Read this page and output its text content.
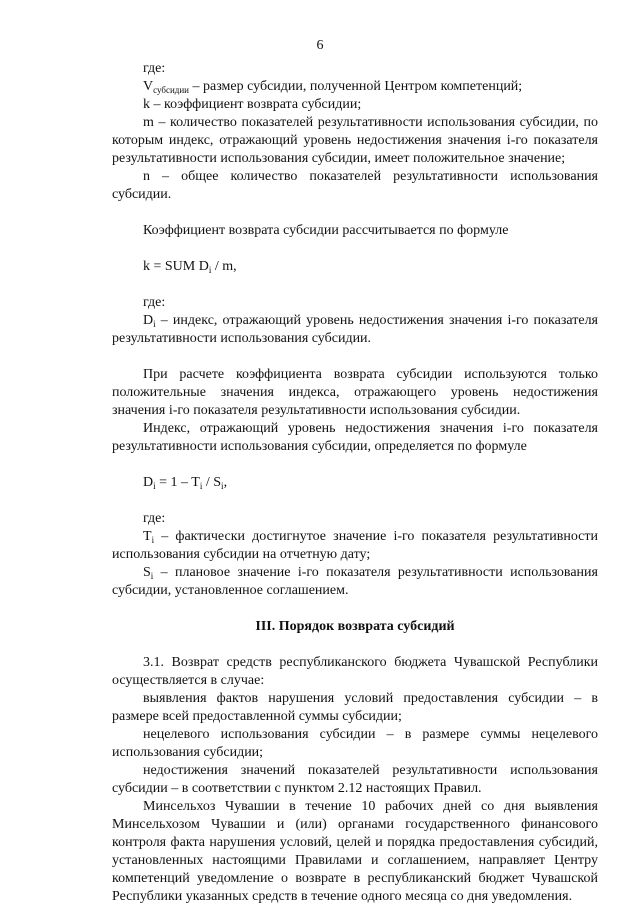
6

где:

$V_{субсидии}$ – размер субсидии, полученной Центром компетенций;

k – коэффициент возврата субсидии;

m – количество показателей результативности использования субсидии, по которым индекс, отражающий уровень недостижения значения i-го показателя результативности использования субсидии, имеет положительное значение;

n – общее количество показателей результативности использования субсидии.

Коэффициент возврата субсидии рассчитывается по формуле

k = SUM $D_i$ / m,

где:

$D_i$ – индекс, отражающий уровень недостижения значения i-го показателя результативности использования субсидии.

При расчете коэффициента возврата субсидии используются только положительные значения индекса, отражающего уровень недостижения значения i-го показателя результативности использования субсидии.

Индекс, отражающий уровень недостижения значения i-го показателя результативности использования субсидии, определяется по формуле

$D_i = 1 - T_i / S_i$,

где:

$T_i$ – фактически достигнутое значение i-го показателя результативности использования субсидии на отчетную дату;

$S_i$ – плановое значение i-го показателя результативности использования субсидии, установленное соглашением.

III. Порядок возврата субсидий

3.1. Возврат средств республиканского бюджета Чувашской Республики осуществляется в случае:

выявления фактов нарушения условий предоставления субсидии – в размере всей предоставленной суммы субсидии;

нецелевого использования субсидии – в размере суммы нецелевого использования субсидии;

недостижения значений показателей результативности использования субсидии – в соответствии с пунктом 2.12 настоящих Правил.

Минсельхоз Чувашии в течение 10 рабочих дней со дня выявления Минсельхозом Чувашии и (или) органами государственного финансового контроля факта нарушения условий, целей и порядка предоставления субсидий, установленных настоящими Правилами и соглашением, направляет Центру компетенций уведомление о возврате в республиканский бюджет Чувашской Республики указанных средств в течение одного месяца со дня уведомления.
